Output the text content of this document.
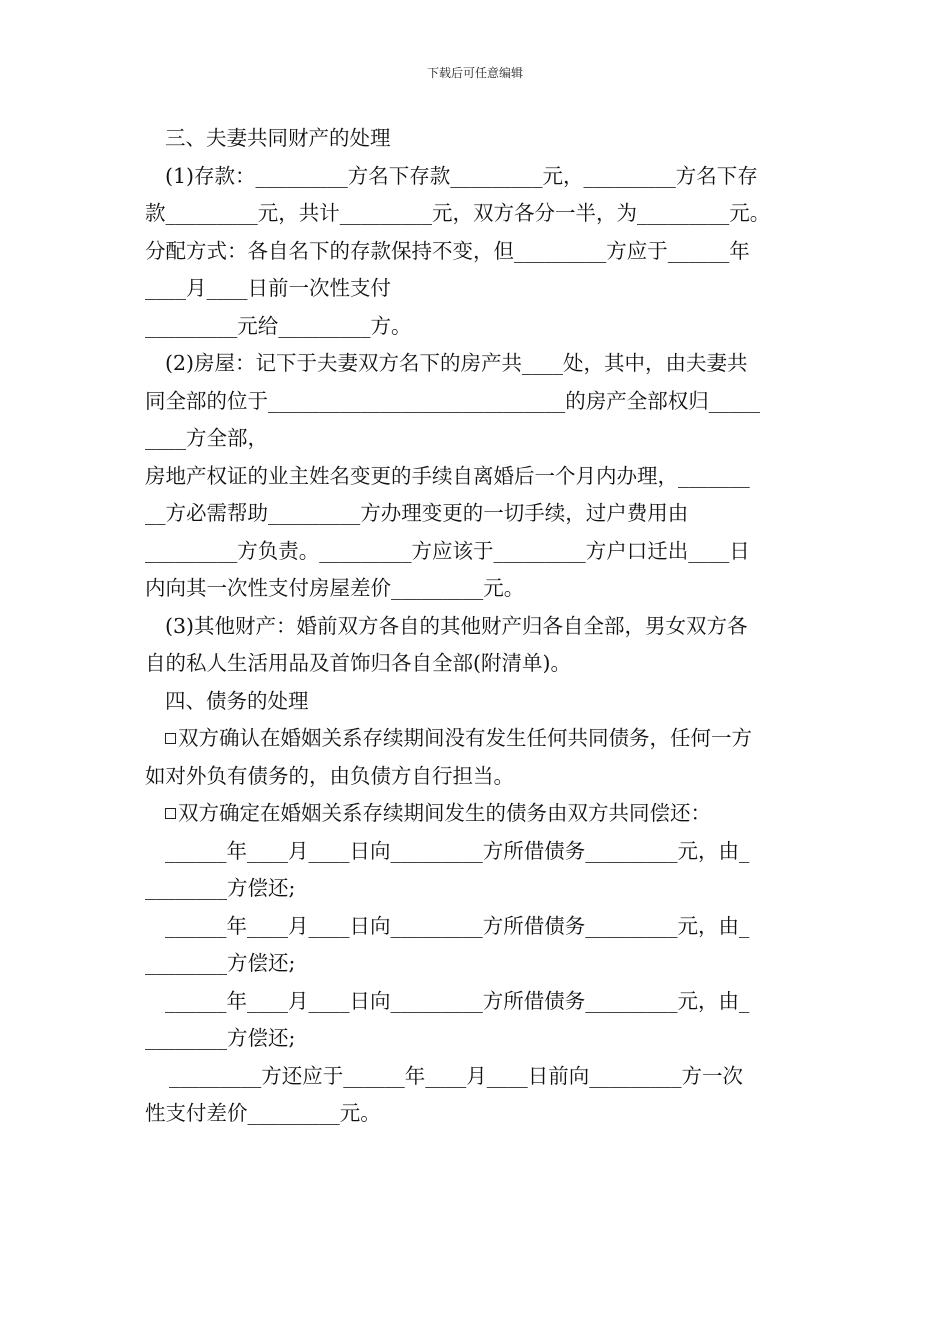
下载后可任意编辑
三、夫妻共同财产的处理
(1)存款：_________方名下存款_________元，_________方名下存
款_________元，共计_________元，双方各分一半，为_________元。
分配方式：各自名下的存款保持不变，但_________方应于______年
____月____日前一次性支付
_________元给_________方。
(2)房屋：记下于夫妻双方名下的房产共____处，其中，由夫妻共
同全部的位于_____________________________的房产全部权归_____
____方全部，
房地产权证的业主姓名变更的手续自离婚后一个月内办理，_______
__方必需帮助_________方办理变更的一切手续，过户费用由
_________方负责。_________方应该于_________方户口迁出____日
内向其一次性支付房屋差价_________元。
(3)其他财产：婚前双方各自的其他财产归各自全部，男女双方各
自的私人生活用品及首饰归各自全部(附清单)。
四、债务的处理
双方确认在婚姻关系存续期间没有发生任何共同债务，任何一方
如对外负有债务的，由负债方自行担当。
双方确定在婚姻关系存续期间发生的债务由双方共同偿还：
______年____月____日向_________方所借债务_________元，由_
________方偿还;
______年____月____日向_________方所借债务_________元，由_
________方偿还;
______年____月____日向_________方所借债务_________元，由_
________方偿还;
_________方还应于______年____月____日前向_________方一次
性支付差价_________元。
